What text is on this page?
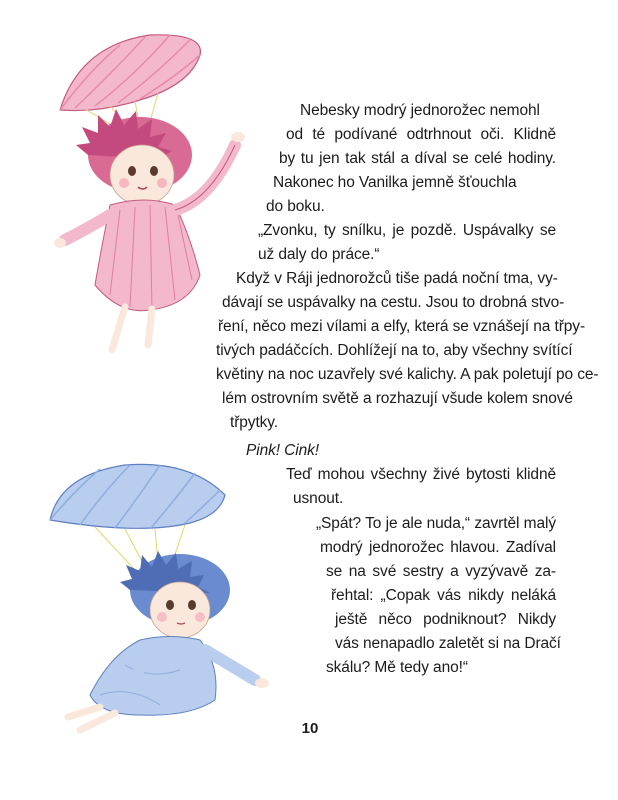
Nebesky modrý jednorožec nemohl
od té podívané odtrhnout oči. Klidně
by tu jen tak stál a díval se celé hodiny.
Nakonec ho Vanilka jemně šťouchla
do boku.
„Zvonku, ty snílku, je pozdě. Uspávalky se
už daly do práce.“
Když v Ráji jednorožců tiše padá noční tma, vy-
dávají se uspávalky na cestu. Jsou to drobná stvo-
ření, něco mezi vílami a elfy, která se vznášejí na třpy-
tivých padáčcích. Dohlížejí na to, aby všechny svítící
květiny na noc uzavřely své kalichy. A pak poletují po ce-
lém ostrovním světě a rozhazují všude kolem snové
třpytky.
Pink! Cink!
Teď mohou všechny živé bytosti klidně
usnout.
„Spát? To je ale nuda,“ zavrtěl malý
modrý jednorožec hlavou. Zadíval
se na své sestry a vyzývavě za-
řehtal: „Copak vás nikdy neláká
ještě něco podniknout? Nikdy
vás nenapadlo zaletět si na Dračí
skálu? Mě tedy ano!“
10
